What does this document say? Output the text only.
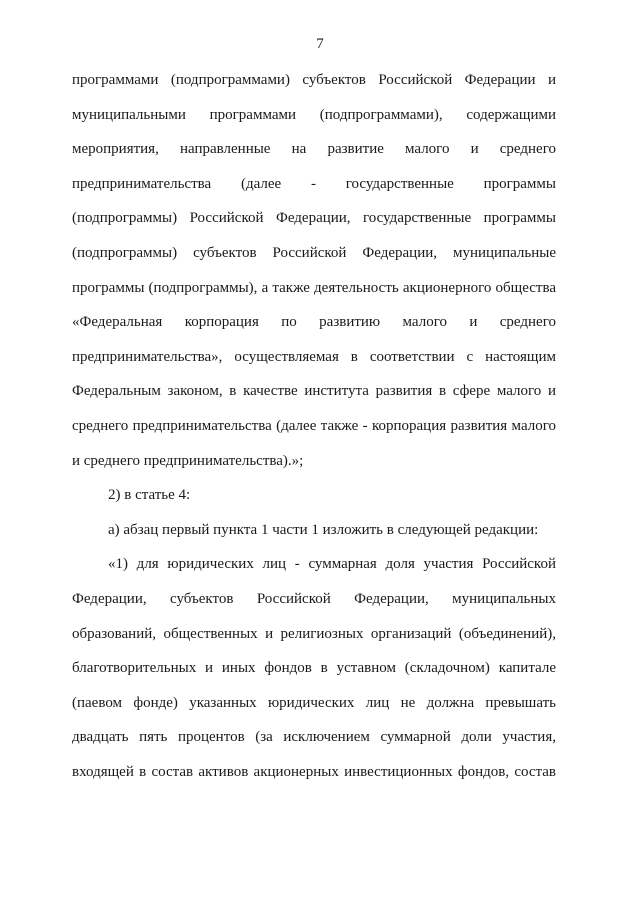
7
программами (подпрограммами) субъектов Российской Федерации и
муниципальными программами (подпрограммами), содержащими
мероприятия, направленные на развитие малого и среднего
предпринимательства (далее - государственные программы
(подпрограммы) Российской Федерации, государственные программы
(подпрограммы) субъектов Российской Федерации, муниципальные
программы (подпрограммы), а также деятельность акционерного общества
«Федеральная корпорация по развитию малого и среднего
предпринимательства», осуществляемая в соответствии с настоящим
Федеральным законом, в качестве института развития в сфере малого и
среднего предпринимательства (далее также - корпорация развития малого
и среднего предпринимательства).»;
2) в статье 4:
а) абзац первый пункта 1 части 1 изложить в следующей редакции:
«1) для юридических лиц - суммарная доля участия Российской
Федерации, субъектов Российской Федерации, муниципальных
образований, общественных и религиозных организаций (объединений),
благотворительных и иных фондов в уставном (складочном) капитале
(паевом фонде) указанных юридических лиц не должна превышать
двадцать пять процентов (за исключением суммарной доли участия,
входящей в состав активов акционерных инвестиционных фондов, состав
